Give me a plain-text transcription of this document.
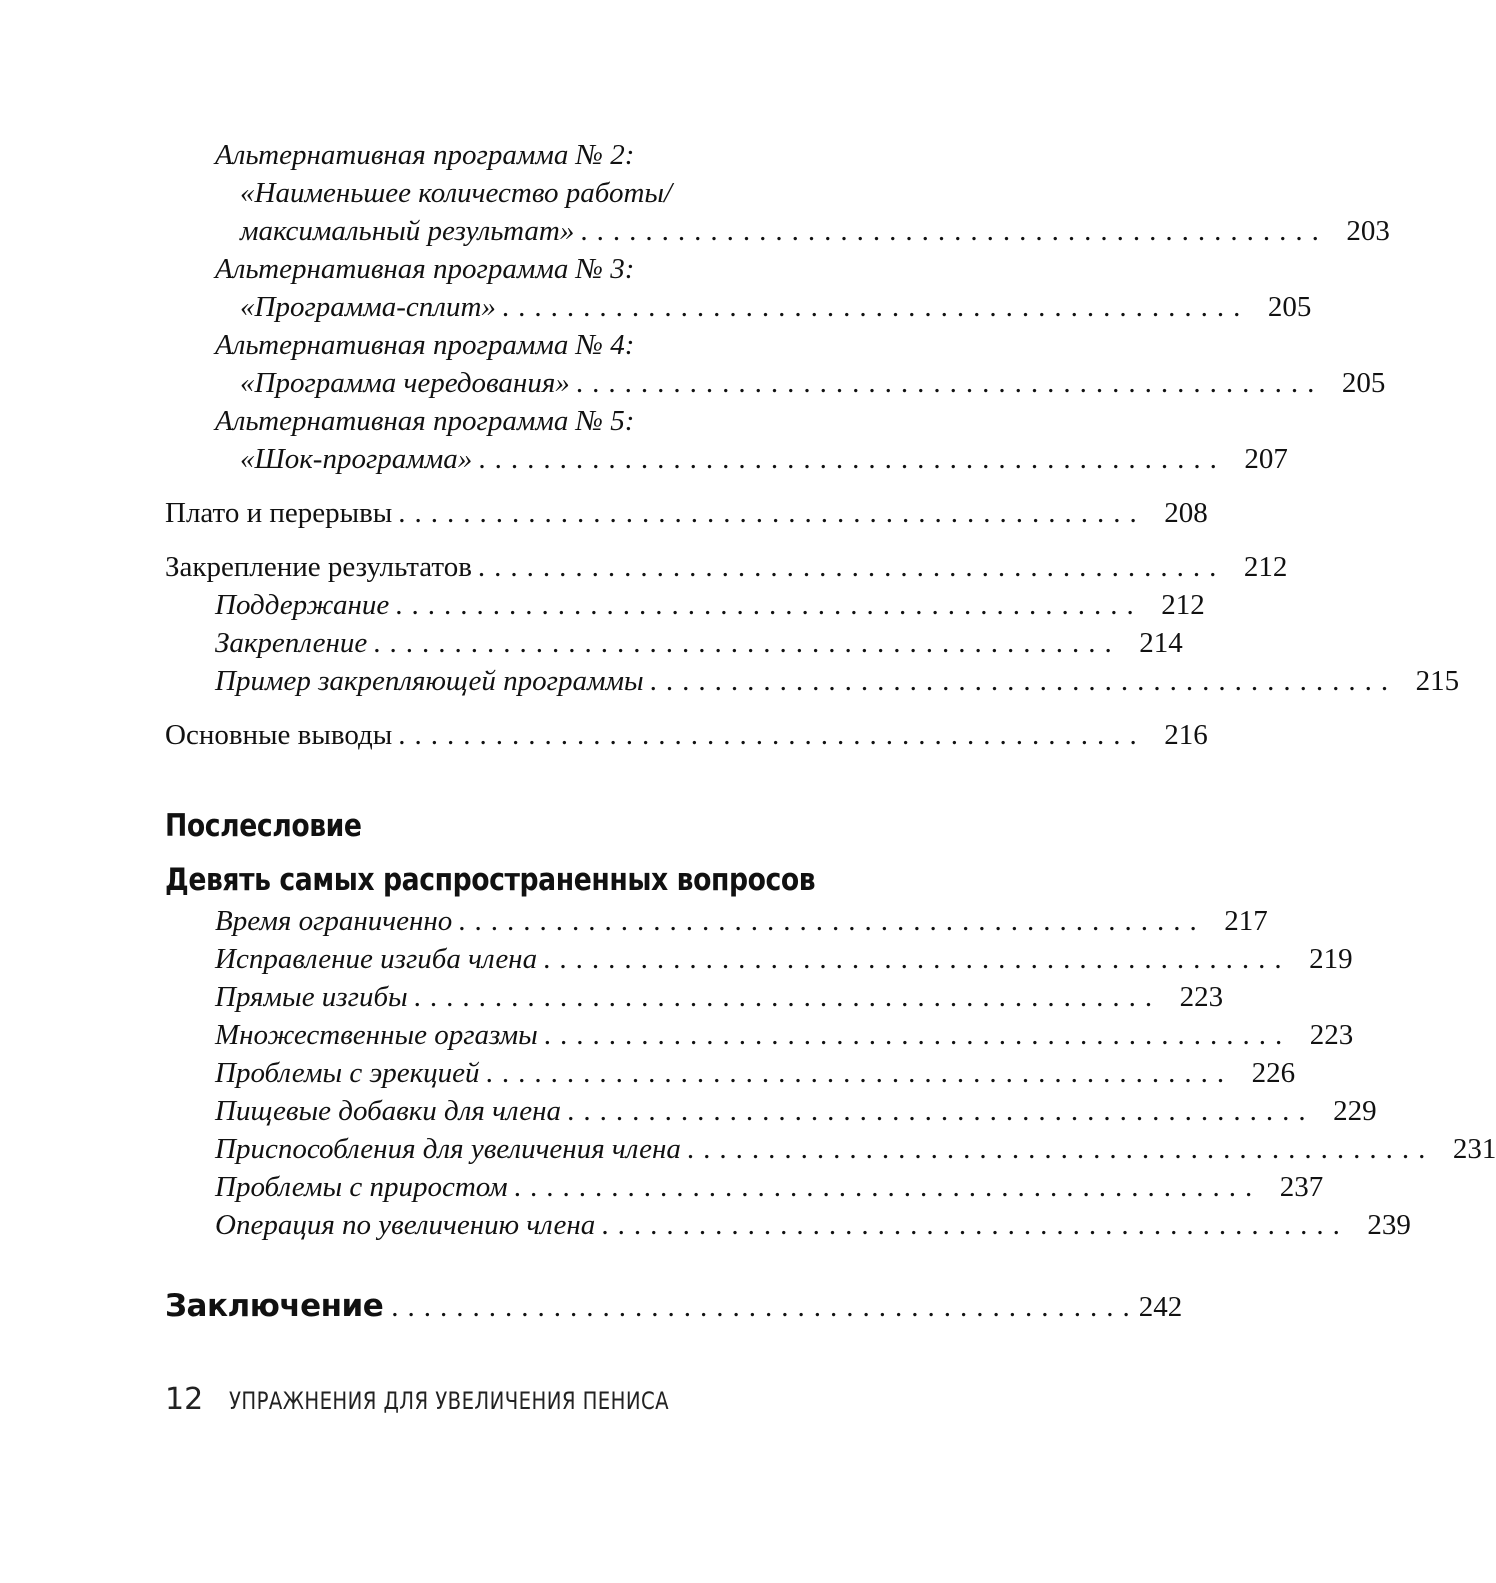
Альтернативная программа № 2:
«Наименьшее количество работы/
максимальный результат» .............................................. 203
Альтернативная программа № 3:
«Программа-сплит» .............................................. 205
Альтернативная программа № 4:
«Программа чередования» .............................................. 205
Альтернативная программа № 5:
«Шок-программа» .............................................. 207
Плато и перерывы .............................................. 208
Закрепление результатов .............................................. 212
Поддержание .............................................. 212
Закрепление .............................................. 214
Пример закрепляющей программы .............................................. 215
Основные выводы .............................................. 216
Послесловие
Девять самых распространенных вопросов
Время ограниченно .............................................. 217
Исправление изгиба члена .............................................. 219
Прямые изгибы .............................................. 223
Множественные оргазмы .............................................. 223
Проблемы с эрекцией .............................................. 226
Пищевые добавки для члена .............................................. 229
Приспособления для увеличения члена .............................................. 231
Проблемы с приростом .............................................. 237
Операция по увеличению члена .............................................. 239
Заключение .............................................. 242
12 УПРАЖНЕНИЯ ДЛЯ УВЕЛИЧЕНИЯ ПЕНИСА
